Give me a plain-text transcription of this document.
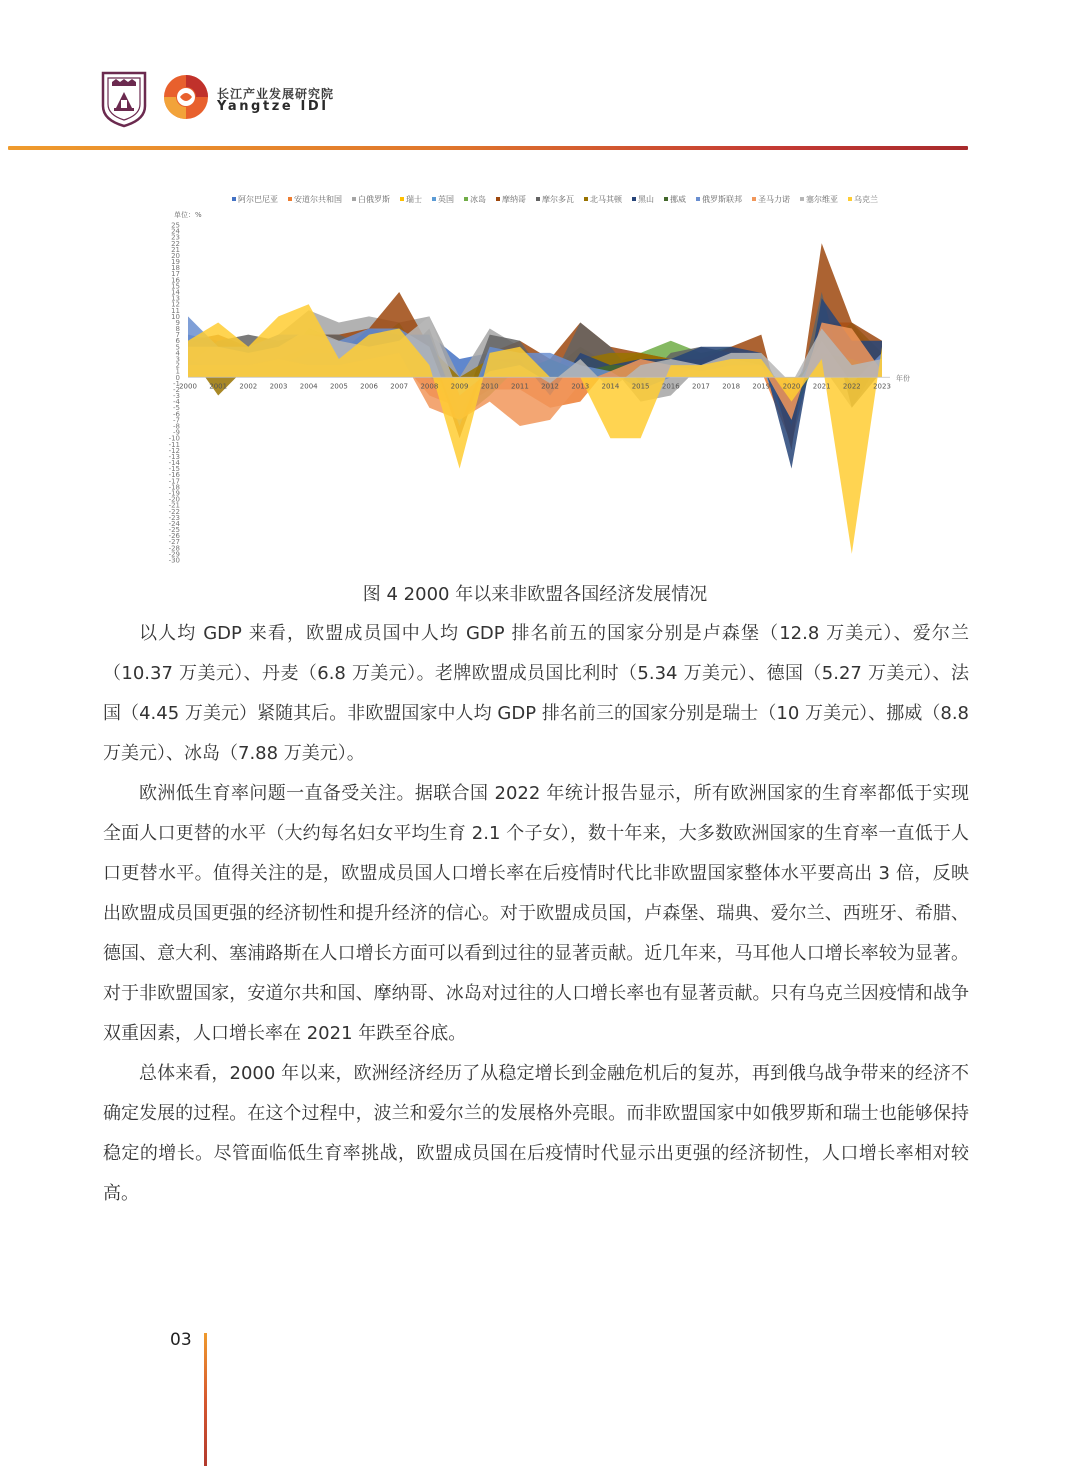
长江产业发展研究院
Yangtze IDI
阿尔巴尼亚 安道尔共和国 白俄罗斯 瑞士 英国 冰岛 摩纳哥 摩尔多瓦 北马其顿 黑山 挪威 俄罗斯联邦 圣马力诺 塞尔维亚 乌克兰
单位：%
25
24
23
22
21
20
19
18
17
16
15
14
13
12
11
10
9
8
7
6
5
4
3
2
1
0
-1
-2
-3
-4
-5
-6
-7
-8
-9
-10
-11
-12
-13
-14
-15
-16
-17
-18
-19
-20
-21
-22
-23
-24
-25
-26
-27
-28
-29
-30
2000 2001 2002 2003 2004 2005 2006 2007 2008 2009 2010 2011 2012 2013 2014 2015 2016 2017 2018 2019 2020 2021 2022 2023
年份
图 4 2000 年以来非欧盟各国经济发展情况

以人均 GDP 来看，欧盟成员国中人均 GDP 排名前五的国家分别是卢森堡（12.8 万美元）、爱尔兰（10.37 万美元）、丹麦（6.8 万美元）。老牌欧盟成员国比利时（5.34 万美元）、德国（5.27 万美元）、法国（4.45 万美元）紧随其后。非欧盟国家中人均 GDP 排名前三的国家分别是瑞士（10 万美元）、挪威（8.8 万美元）、冰岛（7.88 万美元）。

欧洲低生育率问题一直备受关注。据联合国 2022 年统计报告显示，所有欧洲国家的生育率都低于实现全面人口更替的水平（大约每名妇女平均生育 2.1 个子女），数十年来，大多数欧洲国家的生育率一直低于人口更替水平。值得关注的是，欧盟成员国人口增长率在后疫情时代比非欧盟国家整体水平要高出 3 倍，反映出欧盟成员国更强的经济韧性和提升经济的信心。对于欧盟成员国，卢森堡、瑞典、爱尔兰、西班牙、希腊、德国、意大利、塞浦路斯在人口增长方面可以看到过往的显著贡献。近几年来，马耳他人口增长率较为显著。对于非欧盟国家，安道尔共和国、摩纳哥、冰岛对过往的人口增长率也有显著贡献。只有乌克兰因疫情和战争双重因素，人口增长率在 2021 年跌至谷底。

总体来看，2000 年以来，欧洲经济经历了从稳定增长到金融危机后的复苏，再到俄乌战争带来的经济不确定发展的过程。在这个过程中，波兰和爱尔兰的发展格外亮眼。而非欧盟国家中如俄罗斯和瑞士也能够保持稳定的增长。尽管面临低生育率挑战，欧盟成员国在后疫情时代显示出更强的经济韧性，人口增长率相对较高。

03
